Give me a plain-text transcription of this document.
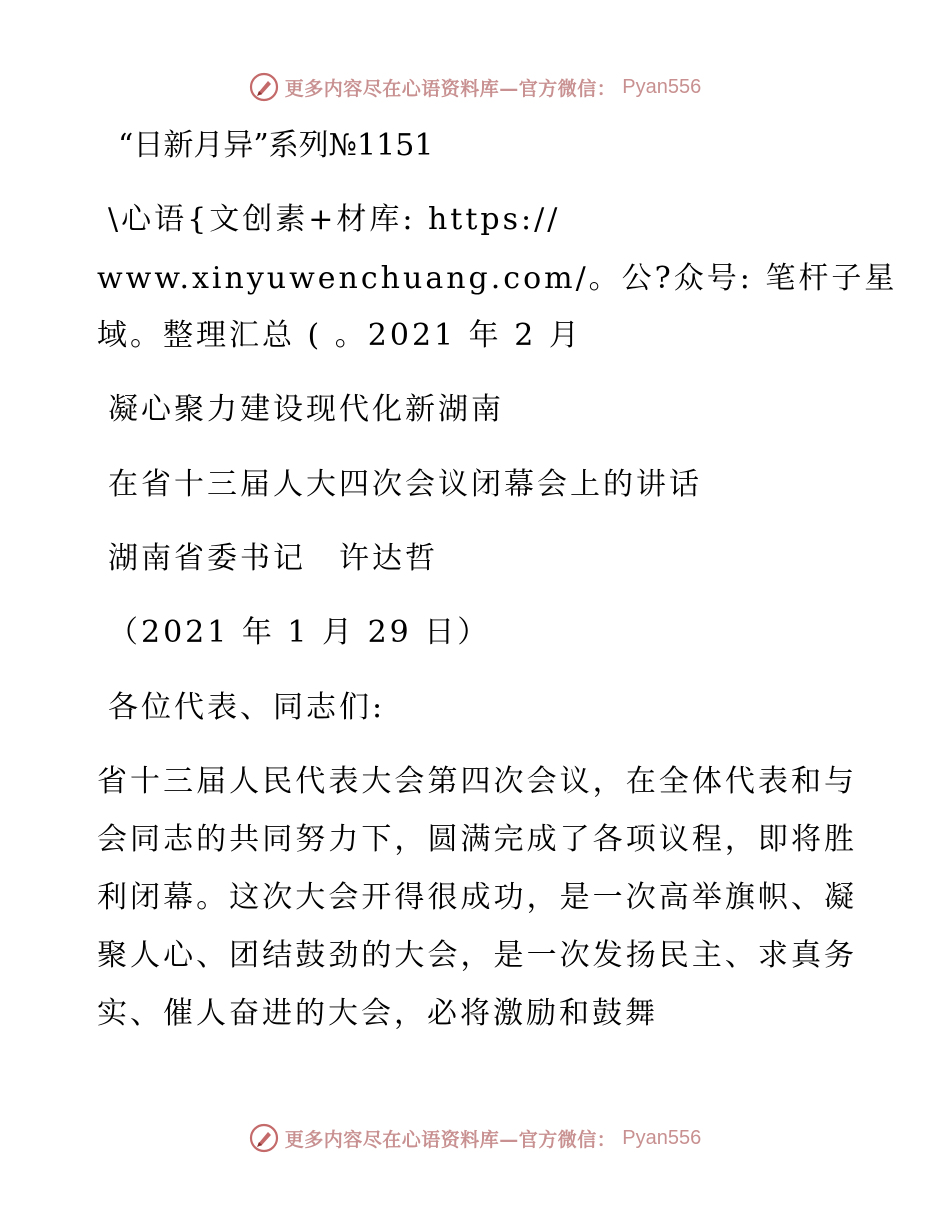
更多内容尽在心语资料库—官方微信： Pyan556
“日新月异”系列№1151
\心语{文创素+材库: https://
www.xinyuwenchuang.com/。公?众号: 笔杆子星
域。整理汇总 ( 。2021 年 2 月
凝心聚力建设现代化新湖南
在省十三届人大四次会议闭幕会上的讲话
湖南省委书记　许达哲
（2021 年 1 月 29 日）
各位代表、同志们:
省十三届人民代表大会第四次会议，在全体代表和与会同志的共同努力下，圆满完成了各项议程，即将胜利闭幕。这次大会开得很成功，是一次高举旗帜、凝聚人心、团结鼓劲的大会，是一次发扬民主、求真务实、催人奋进的大会，必将激励和鼓舞
更多内容尽在心语资料库—官方微信： Pyan556
